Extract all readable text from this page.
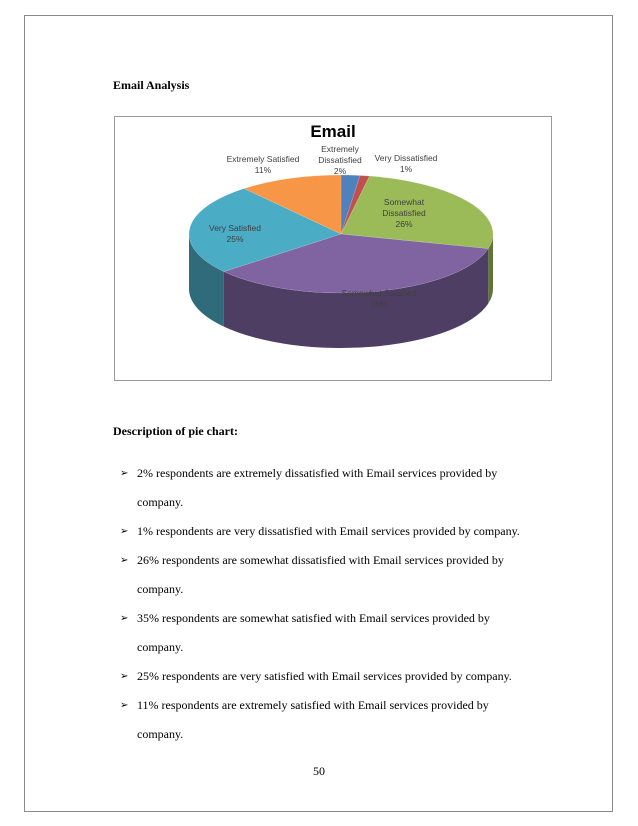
Email Analysis
Email
Extremely Dissatisfied 2%
Very Dissatisfied 1%
Somewhat Dissatisfied 26%
Somewhat Satisfied 35%
Very Satisfied 25%
Extremely Satisfied 11%
Description of pie chart:
➢ 2% respondents are extremely dissatisfied with Email services provided by
company.
➢ 1% respondents are very dissatisfied with Email services provided by company.
➢ 26% respondents are somewhat dissatisfied with Email services provided by
company.
➢ 35% respondents are somewhat satisfied with Email services provided by
company.
➢ 25% respondents are very satisfied with Email services provided by company.
➢ 11% respondents are extremely satisfied with Email services provided by
company.
50
